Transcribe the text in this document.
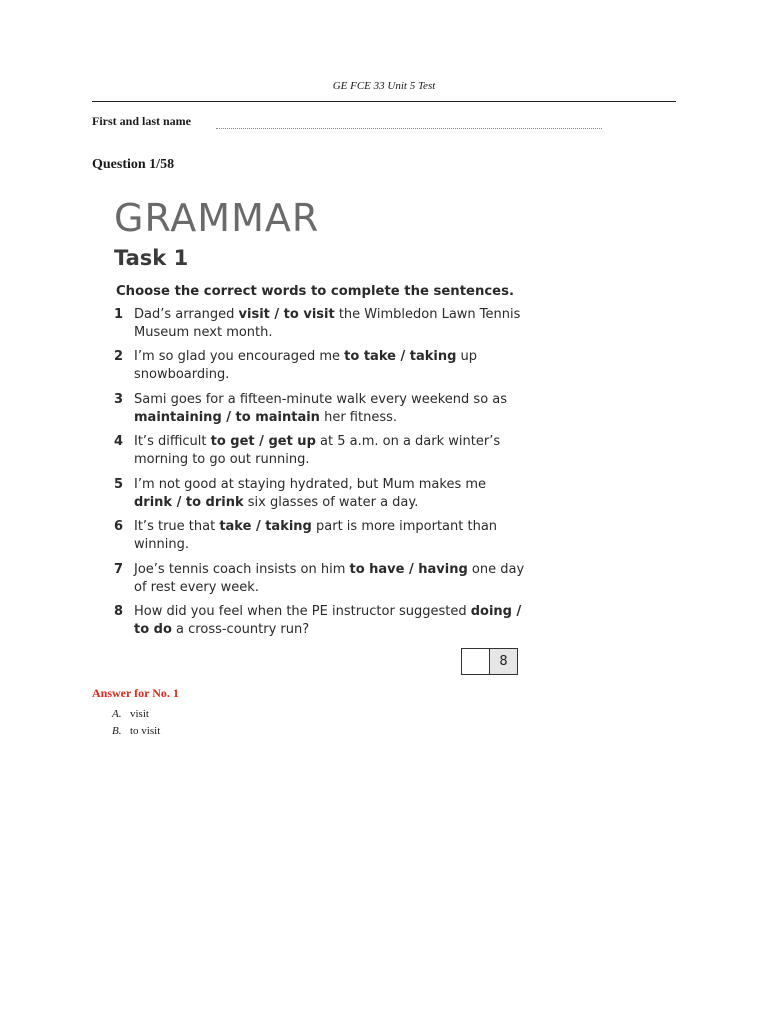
GE FCE 33 Unit 5 Test
First and last name
Question 1/58
GRAMMAR
Task 1
Choose the correct words to complete the sentences.
1 Dad’s arranged visit / to visit the Wimbledon Lawn Tennis
Museum next month.
2 I’m so glad you encouraged me to take / taking up
snowboarding.
3 Sami goes for a fifteen-minute walk every weekend so as
maintaining / to maintain her fitness.
4 It’s difficult to get / get up at 5 a.m. on a dark winter’s
morning to go out running.
5 I’m not good at staying hydrated, but Mum makes me
drink / to drink six glasses of water a day.
6 It’s true that take / taking part is more important than
winning.
7 Joe’s tennis coach insists on him to have / having one day
of rest every week.
8 How did you feel when the PE instructor suggested doing /
to do a cross-country run?
8
Answer for No. 1
A. visit
B. to visit
